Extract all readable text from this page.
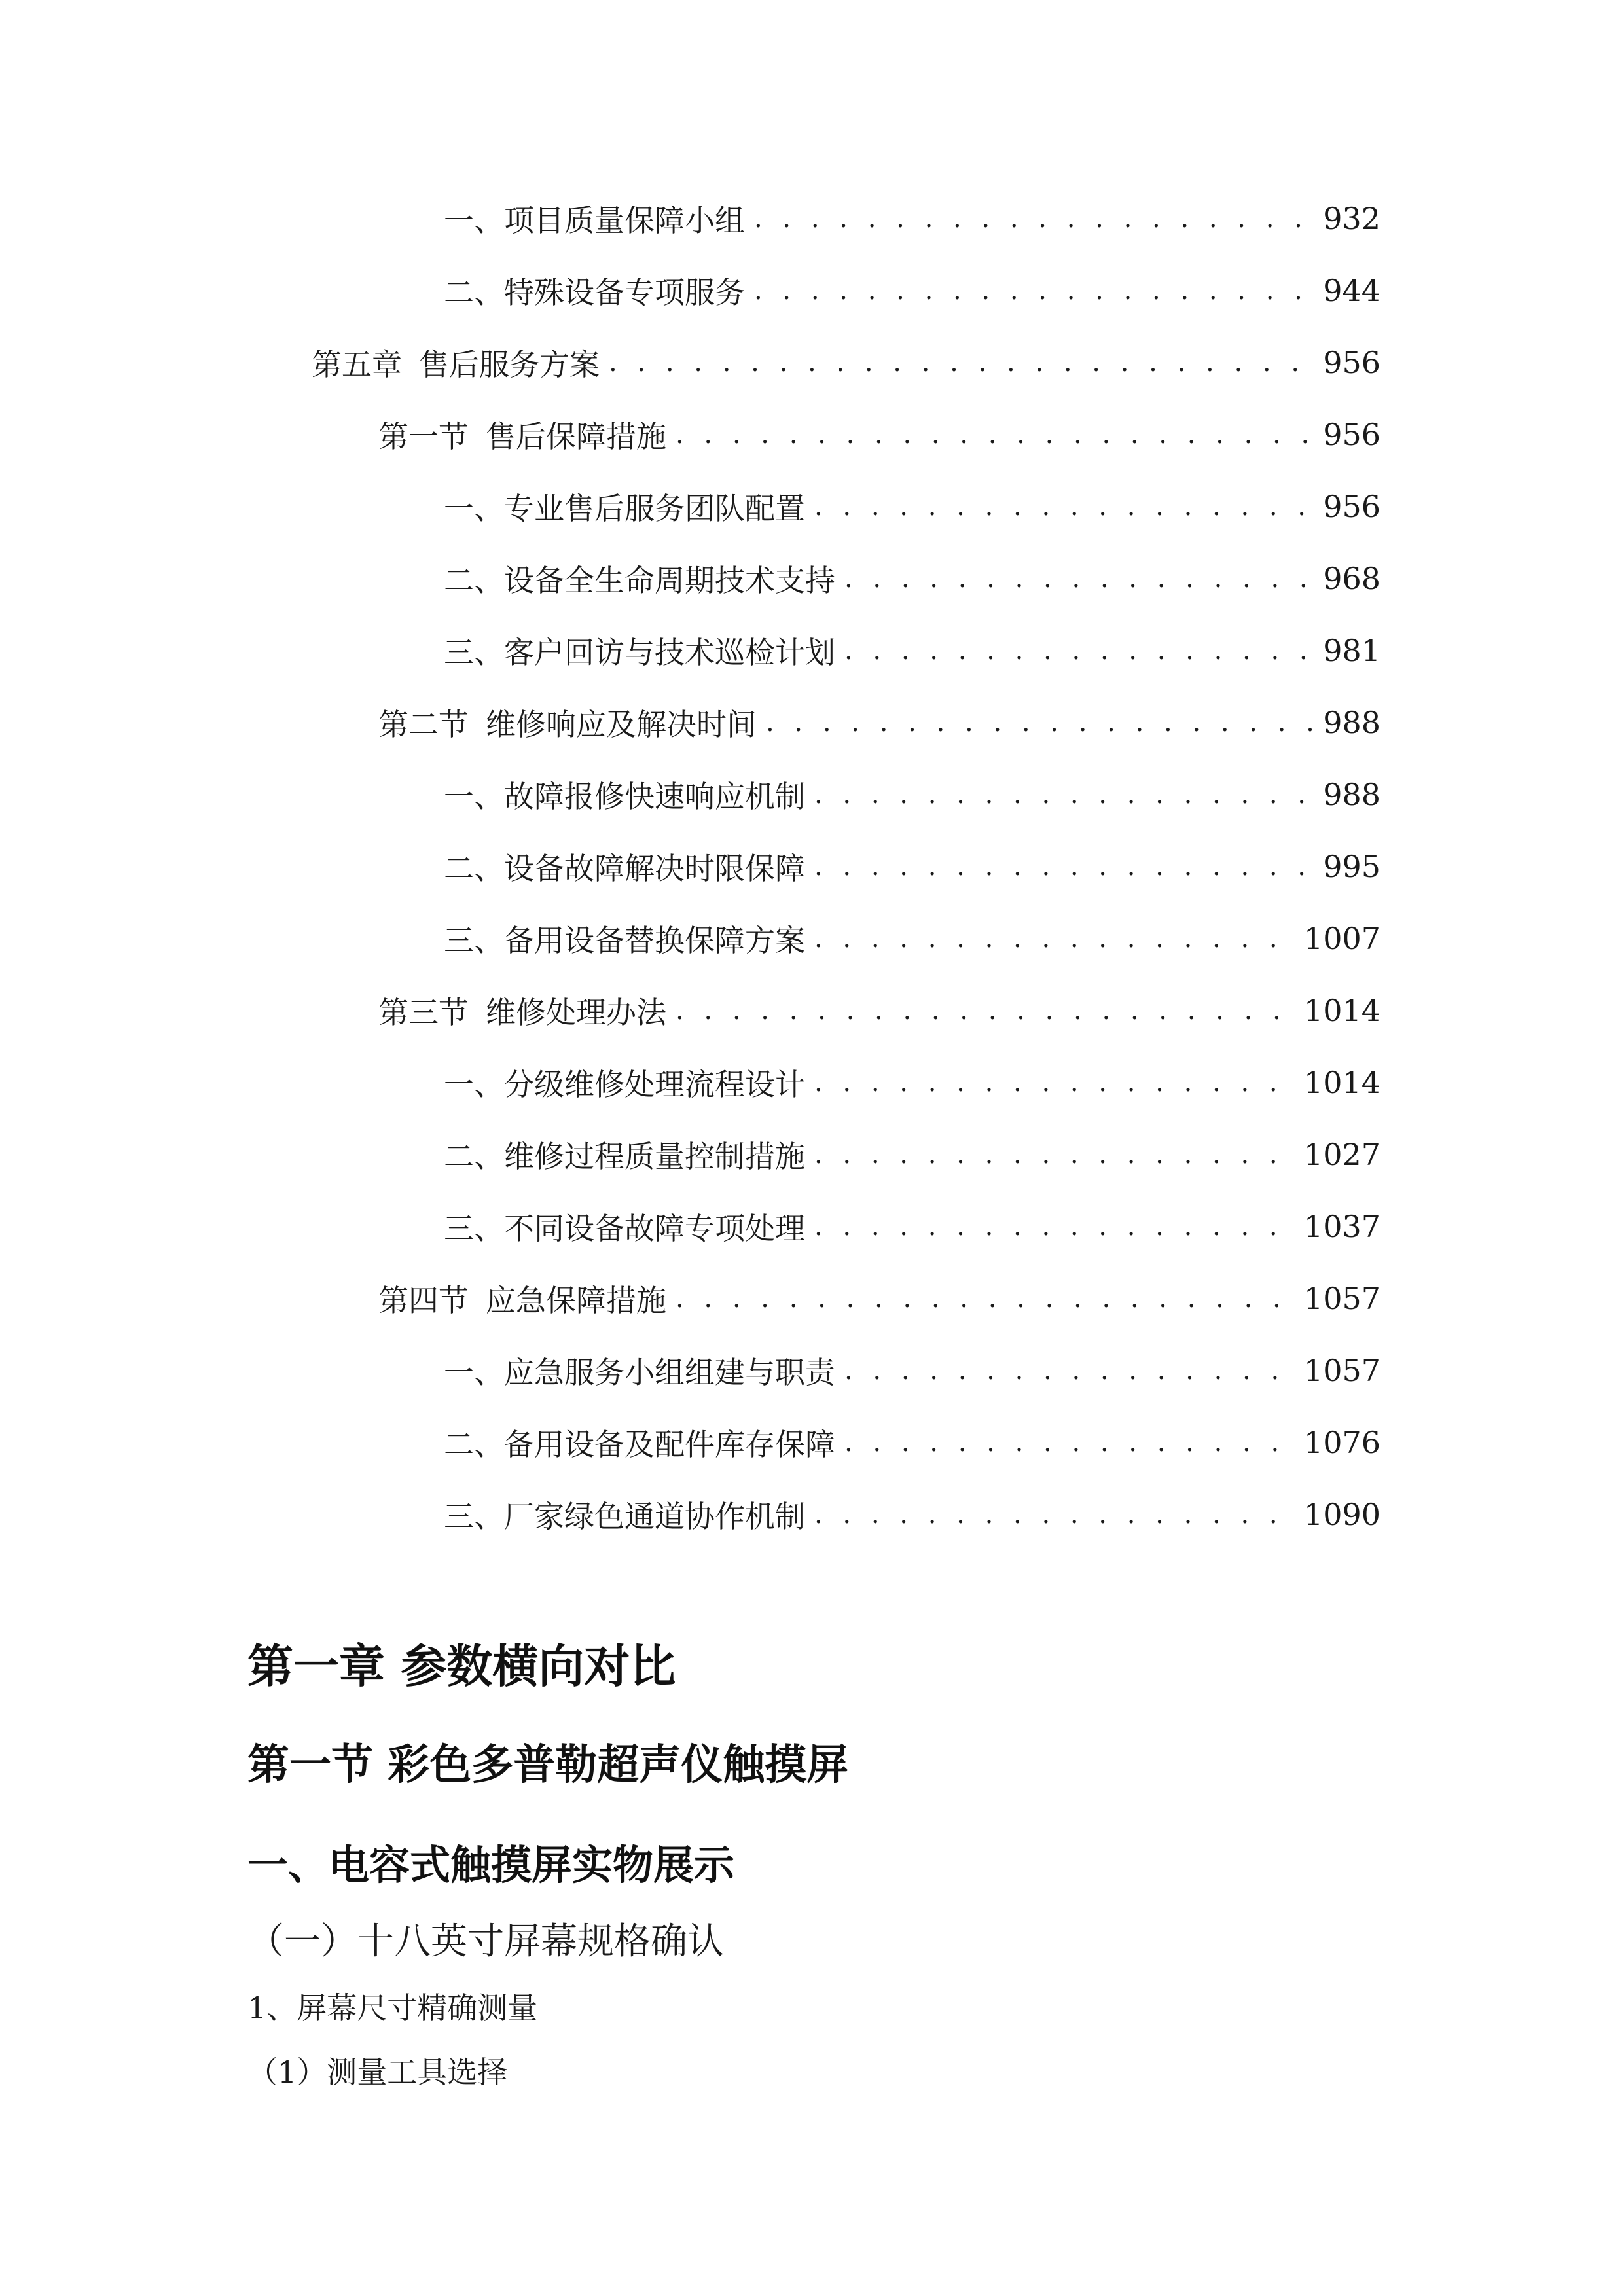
一、 项目质量保障小组 . . .	932
二、 特殊设备专项服务 . . .	944
第五章 售后服务方案 . . .	956
第一节 售后保障措施 . . .	956
一、 专业售后服务团队配置 . . .	956
二、 设备全生命周期技术支持 . . .	968
三、 客户回访与技术巡检计划 . . .	981
第二节 维修响应及解决时间 . . .	988
一、 故障报修快速响应机制 . . .	988
二、 设备故障解决时限保障 . . .	995
三、 备用设备替换保障方案 . . .	1007
第三节 维修处理办法 . . .	1014
一、 分级维修处理流程设计 . . .	1014
二、 维修过程质量控制措施 . . .	1027
三、 不同设备故障专项处理 . . .	1037
第四节 应急保障措施 . . .	1057
一、 应急服务小组组建与职责 . . .	1057
二、 备用设备及配件库存保障 . . .	1076
三、 厂家绿色通道协作机制 . . .	1090
第一章 参数横向对比
第一节 彩色多普勒超声仪触摸屏
一、电容式触摸屏实物展示
（一）十八英寸屏幕规格确认
1、屏幕尺寸精确测量
（1）测量工具选择
